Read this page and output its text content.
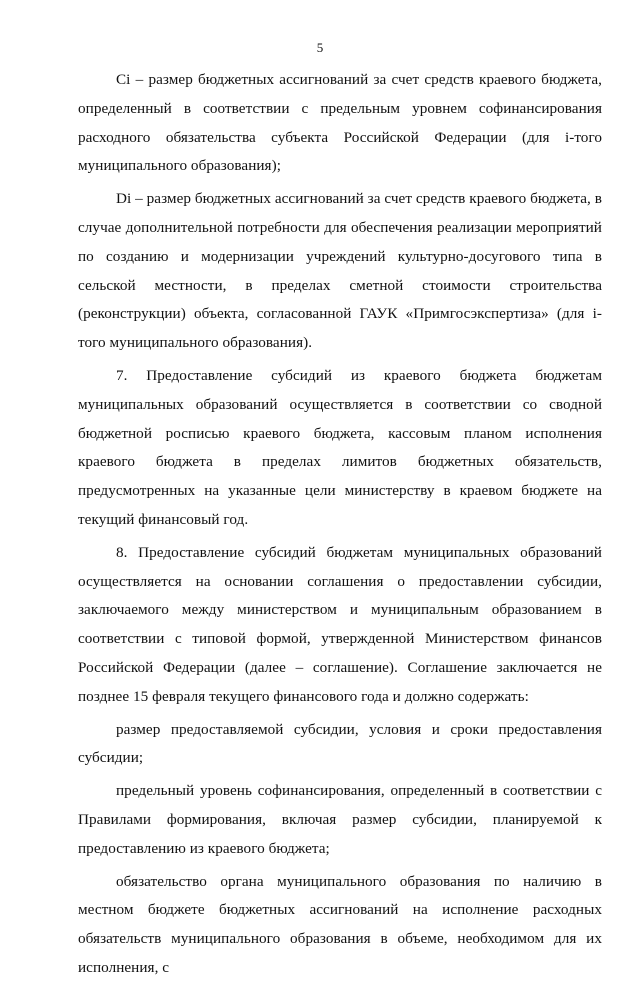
5

Ci – размер бюджетных ассигнований за счет средств краевого бюджета, определенный в соответствии с предельным уровнем софинансирования расходного обязательства субъекта Российской Федерации (для i-того муниципального образования);

Di – размер бюджетных ассигнований за счет средств краевого бюджета, в случае дополнительной потребности для обеспечения реализации мероприятий по созданию и модернизации учреждений культурно-досугового типа в сельской местности, в пределах сметной стоимости строительства (реконструкции) объекта, согласованной ГАУК «Примгосэкспертиза» (для i-того муниципального образования).

7. Предоставление субсидий из краевого бюджета бюджетам муниципальных образований осуществляется в соответствии со сводной бюджетной росписью краевого бюджета, кассовым планом исполнения краевого бюджета в пределах лимитов бюджетных обязательств, предусмотренных на указанные цели министерству в краевом бюджете на текущий финансовый год.

8. Предоставление субсидий бюджетам муниципальных образований осуществляется на основании соглашения о предоставлении субсидии, заключаемого между министерством и муниципальным образованием в соответствии с типовой формой, утвержденной Министерством финансов Российской Федерации (далее – соглашение). Соглашение заключается не позднее 15 февраля текущего финансового года и должно содержать:

размер предоставляемой субсидии, условия и сроки предоставления субсидии;

предельный уровень софинансирования, определенный в соответствии с Правилами формирования, включая размер субсидии, планируемой к предоставлению из краевого бюджета;

обязательство органа муниципального образования по наличию в местном бюджете бюджетных ассигнований на исполнение расходных обязательств муниципального образования в объеме, необходимом для их исполнения, с
